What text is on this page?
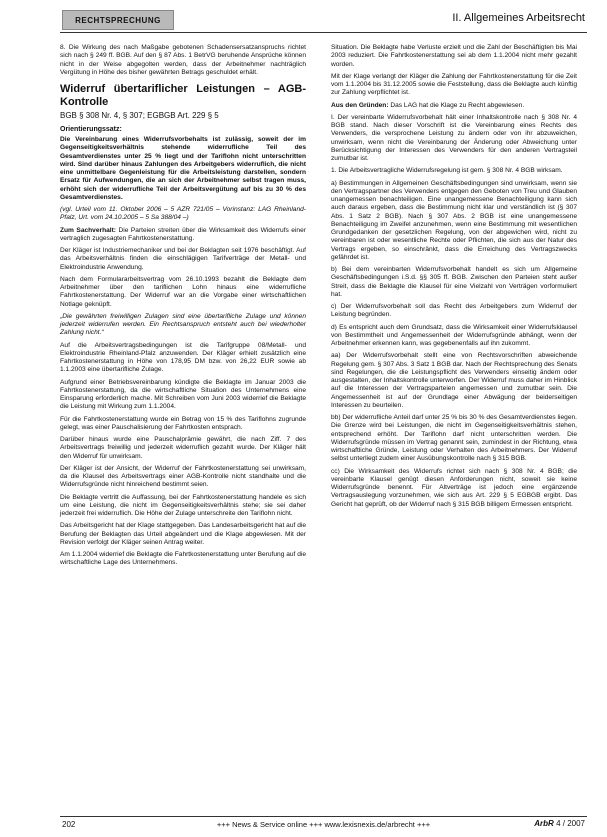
RECHTSPRECHUNG	II. Allgemeines Arbeitsrecht

8. Die Wirkung des nach Maßgabe gebotenen Schadensersatzanspruchs richtet sich nach § 249 ff. BGB. Auf den § 87 Abs. 1 BetrVG beruhende Ansprüche können nicht in der Weise abgegolten werden, dass der Arbeitnehmer nachträglich Vergütung in Höhe des bisher gewährten Betrags geschuldet erhält.

Widerruf übertariflicher Leistungen – AGB-Kontrolle
BGB § 308 Nr. 4, § 307; EGBGB Art. 229 § 5
Orientierungssatz:

Die Vereinbarung eines Widerrufsvorbehalts ist zulässig, soweit der im Gegenseitigkeitsverhältnis stehende widerrufliche Teil des Gesamtverdienstes unter 25 % liegt und der Tariflohn nicht unterschritten wird. Sind darüber hinaus Zahlungen des Arbeitgebers widerruflich, die nicht eine unmittelbare Gegenleistung für die Arbeitsleistung darstellen, sondern Ersatz für Aufwendungen, die an sich der Arbeitnehmer selbst tragen muss, erhöht sich der widerrufliche Teil der Arbeitsvergütung auf bis zu 30 % des Gesamtverdienstes.

(vgl. Urteil vom 11. Oktober 2006 – 5 AZR 721/05 – Vorinstanz: LAG Rheinland-Pfalz, Urt. vom 24.10.2005 – 5 Sa 388/04 –)

Zum Sachverhalt: Die Parteien streiten über die Wirksamkeit des Widerrufs einer vertraglich zugesagten Fahrtkostenerstattung.

Der Kläger ist Industriemechaniker und bei der Beklagten seit 1976 beschäftigt. Auf das Arbeitsverhältnis finden die einschlägigen Tarifverträge der Metall- und Elektroindustrie Anwendung.

Nach dem Formulararbeitsvertrag vom 26.10.1993 bezahlt die Beklagte dem Arbeitnehmer über den tariflichen Lohn hinaus eine widerrufliche Fahrtkostenerstattung. Der Widerruf war an die Vorgabe einer wirtschaftlichen Notlage geknüpft.

„Die gewährten freiwilligen Zulagen sind eine übertarifliche Zulage und können jederzeit widerrufen werden. Ein Rechtsanspruch entsteht auch bei wiederholter Zahlung nicht.“

Auf die Arbeitsvertragsbedingungen ist die Tarifgruppe 08/Metall- und Elektroindustrie Rheinland-Pfalz anzuwenden. Der Kläger erhielt zusätzlich eine Fahrtkostenerstattung in Höhe von 178,95 DM bzw. von 26,22 EUR sowie ab 1.1.2003 eine übertarifliche Zulage.

Aufgrund einer Betriebsvereinbarung kündigte die Beklagte im Januar 2003 die Fahrtkostenerstattung, da die wirtschaftliche Situation des Unternehmens eine Einsparung erforderlich mache. Mit Schreiben vom Juni 2003 widerrief die Beklagte die Leistung mit Wirkung zum 1.1.2004.

Für die Fahrtkostenerstattung wurde ein Betrag von 15 % des Tariflohns zugrunde gelegt, was einer Pauschalisierung der Fahrtkosten entsprach.

Darüber hinaus wurde eine Pauschalprämie gewährt, die nach Ziff. 7 des Arbeitsvertrags freiwillig und jederzeit widerruflich gezahlt wurde. Der Kläger hält den Widerruf für unwirksam.

Der Kläger ist der Ansicht, der Widerruf der Fahrtkostenerstattung sei unwirksam, da die Klausel des Arbeitsvertrags einer AGB-Kontrolle nicht standhalte und die Widerrufsgründe nicht hinreichend bestimmt seien.

Die Beklagte vertritt die Auffassung, bei der Fahrtkostenerstattung handele es sich um eine Leistung, die nicht im Gegenseitigkeitsverhältnis stehe; sie sei daher jederzeit frei widerruflich. Die Höhe der Zulage unterschreite den Tariflohn nicht.

Das Arbeitsgericht hat der Klage stattgegeben. Das Landesarbeitsgericht hat auf die Berufung der Beklagten das Urteil abgeändert und die Klage abgewiesen. Mit der Revision verfolgt der Kläger seinen Antrag weiter.

Am 1.1.2004 widerrief die Beklagte die Fahrtkostenerstattung unter Berufung auf die wirtschaftliche Lage des Unternehmens.

Situation. Die Beklagte habe Verluste erzielt und die Zahl der Beschäftigten bis Mai 2003 reduziert. Die Fahrtkostenerstattung sei ab dem 1.1.2004 nicht mehr gezahlt worden.

Mit der Klage verlangt der Kläger die Zahlung der Fahrtkostenerstattung für die Zeit vom 1.1.2004 bis 31.12.2005 sowie die Feststellung, dass die Beklagte auch künftig zur Zahlung verpflichtet ist.

Aus den Gründen: Das LAG hat die Klage zu Recht abgewiesen.

I. Der vereinbarte Widerrufsvorbehalt hält einer Inhaltskontrolle nach § 308 Nr. 4 BGB stand. Nach dieser Vorschrift ist die Vereinbarung eines Rechts des Verwenders, die versprochene Leistung zu ändern oder von ihr abzuweichen, unwirksam, wenn nicht die Vereinbarung der Änderung oder Abweichung unter Berücksichtigung der Interessen des Verwenders für den anderen Vertragsteil zumutbar ist.

1. Die Arbeitsvertragliche Widerrufsregelung ist gem. § 308 Nr. 4 BGB wirksam.

a) Bestimmungen in Allgemeinen Geschäftsbedingungen sind unwirksam, wenn sie den Vertragspartner des Verwenders entgegen den Geboten von Treu und Glauben unangemessen benachteiligen. Eine unangemessene Benachteiligung kann sich auch daraus ergeben, dass die Bestimmung nicht klar und verständlich ist (§ 307 Abs. 1 Satz 2 BGB). Nach § 307 Abs. 2 BGB ist eine unangemessene Benachteiligung im Zweifel anzunehmen, wenn eine Bestimmung mit wesentlichen Grundgedanken der gesetzlichen Regelung, von der abgewichen wird, nicht zu vereinbaren ist oder wesentliche Rechte oder Pflichten, die sich aus der Natur des Vertrags ergeben, so einschränkt, dass die Erreichung des Vertragszwecks gefährdet ist.

b) Bei dem vereinbarten Widerrufsvorbehalt handelt es sich um Allgemeine Geschäftsbedingungen i.S.d. §§ 305 ff. BGB. Zwischen den Parteien steht außer Streit, dass die Beklagte die Klausel für eine Vielzahl von Verträgen vorformuliert hat.

c) Der Widerrufsvorbehalt soll das Recht des Arbeitgebers zum Widerruf der Leistung begründen.

d) Es entspricht auch dem Grundsatz, dass die Wirksamkeit einer Widerrufsklausel von Bestimmtheit und Angemessenheit der Widerrufsgründe abhängt, wenn der Arbeitnehmer erkennen kann, was gegebenenfalls auf ihn zukommt.

aa) Der Widerrufsvorbehalt stellt eine von Rechtsvorschriften abweichende Regelung gem. § 307 Abs. 3 Satz 1 BGB dar. Nach der Rechtsprechung des Senats sind Regelungen, die die Leistungspflicht des Verwenders einseitig ändern oder ausgestalten, der Inhaltskontrolle unterworfen. Der Widerruf muss daher im Hinblick auf die Interessen der Vertragsparteien angemessen und zumutbar sein. Die Angemessenheit ist auf der Grundlage einer Abwägung der beiderseitigen Interessen zu beurteilen.

bb) Der widerrufliche Anteil darf unter 25 % bis 30 % des Gesamtverdienstes liegen. Die Grenze wird bei Leistungen, die nicht im Gegenseitigkeitsverhältnis stehen, entsprechend erhöht. Der Tariflohn darf nicht unterschritten werden. Die Widerrufsgründe müssen im Vertrag genannt sein, zumindest in der Richtung, etwa wirtschaftliche Gründe, Leistung oder Verhalten des Arbeitnehmers. Der Widerruf selbst unterliegt zudem einer Ausübungskontrolle nach § 315 BGB.

cc) Die Wirksamkeit des Widerrufs richtet sich nach § 308 Nr. 4 BGB; die vereinbarte Klausel genügt diesen Anforderungen nicht, soweit sie keine Widerrufsgründe benennt. Für Altverträge ist jedoch eine ergänzende Vertragsauslegung vorzunehmen, wie sich aus Art. 229 § 5 EGBGB ergibt. Das Gericht hat geprüft, ob der Widerruf nach § 315 BGB billigem Ermessen entspricht.

202	+++ News & Service online +++ www.lexisnexis.de/arbrecht +++	ArbR 4 / 2007
